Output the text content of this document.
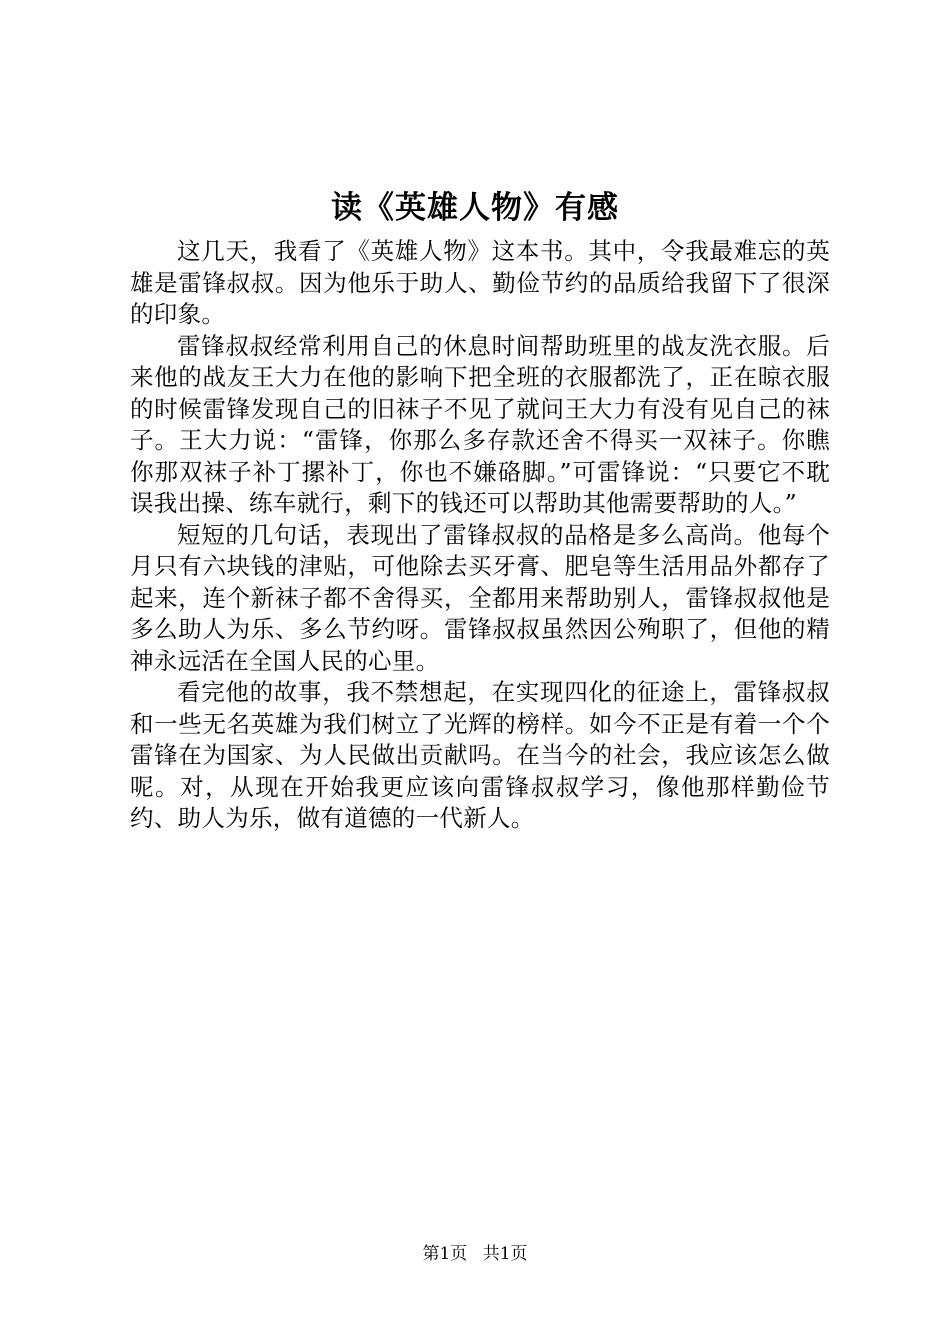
读《英雄人物》有感

这几天，我看了《英雄人物》这本书。其中，令我最难忘的英雄是雷锋叔叔。因为他乐于助人、勤俭节约的品质给我留下了很深的印象。

雷锋叔叔经常利用自己的休息时间帮助班里的战友洗衣服。后来他的战友王大力在他的影响下把全班的衣服都洗了，正在晾衣服的时候雷锋发现自己的旧袜子不见了就问王大力有没有见自己的袜子。王大力说：“雷锋，你那么多存款还舍不得买一双袜子。你瞧你那双袜子补丁摞补丁，你也不嫌硌脚。”可雷锋说：“只要它不耽误我出操、练车就行，剩下的钱还可以帮助其他需要帮助的人。”

短短的几句话，表现出了雷锋叔叔的品格是多么高尚。他每个月只有六块钱的津贴，可他除去买牙膏、肥皂等生活用品外都存了起来，连个新袜子都不舍得买，全都用来帮助别人，雷锋叔叔他是多么助人为乐、多么节约呀。雷锋叔叔虽然因公殉职了，但他的精神永远活在全国人民的心里。

看完他的故事，我不禁想起，在实现四化的征途上，雷锋叔叔和一些无名英雄为我们树立了光辉的榜样。如今不正是有着一个个雷锋在为国家、为人民做出贡献吗。在当今的社会，我应该怎么做呢。对，从现在开始我更应该向雷锋叔叔学习，像他那样勤俭节约、助人为乐，做有道德的一代新人。

第1页 共1页
